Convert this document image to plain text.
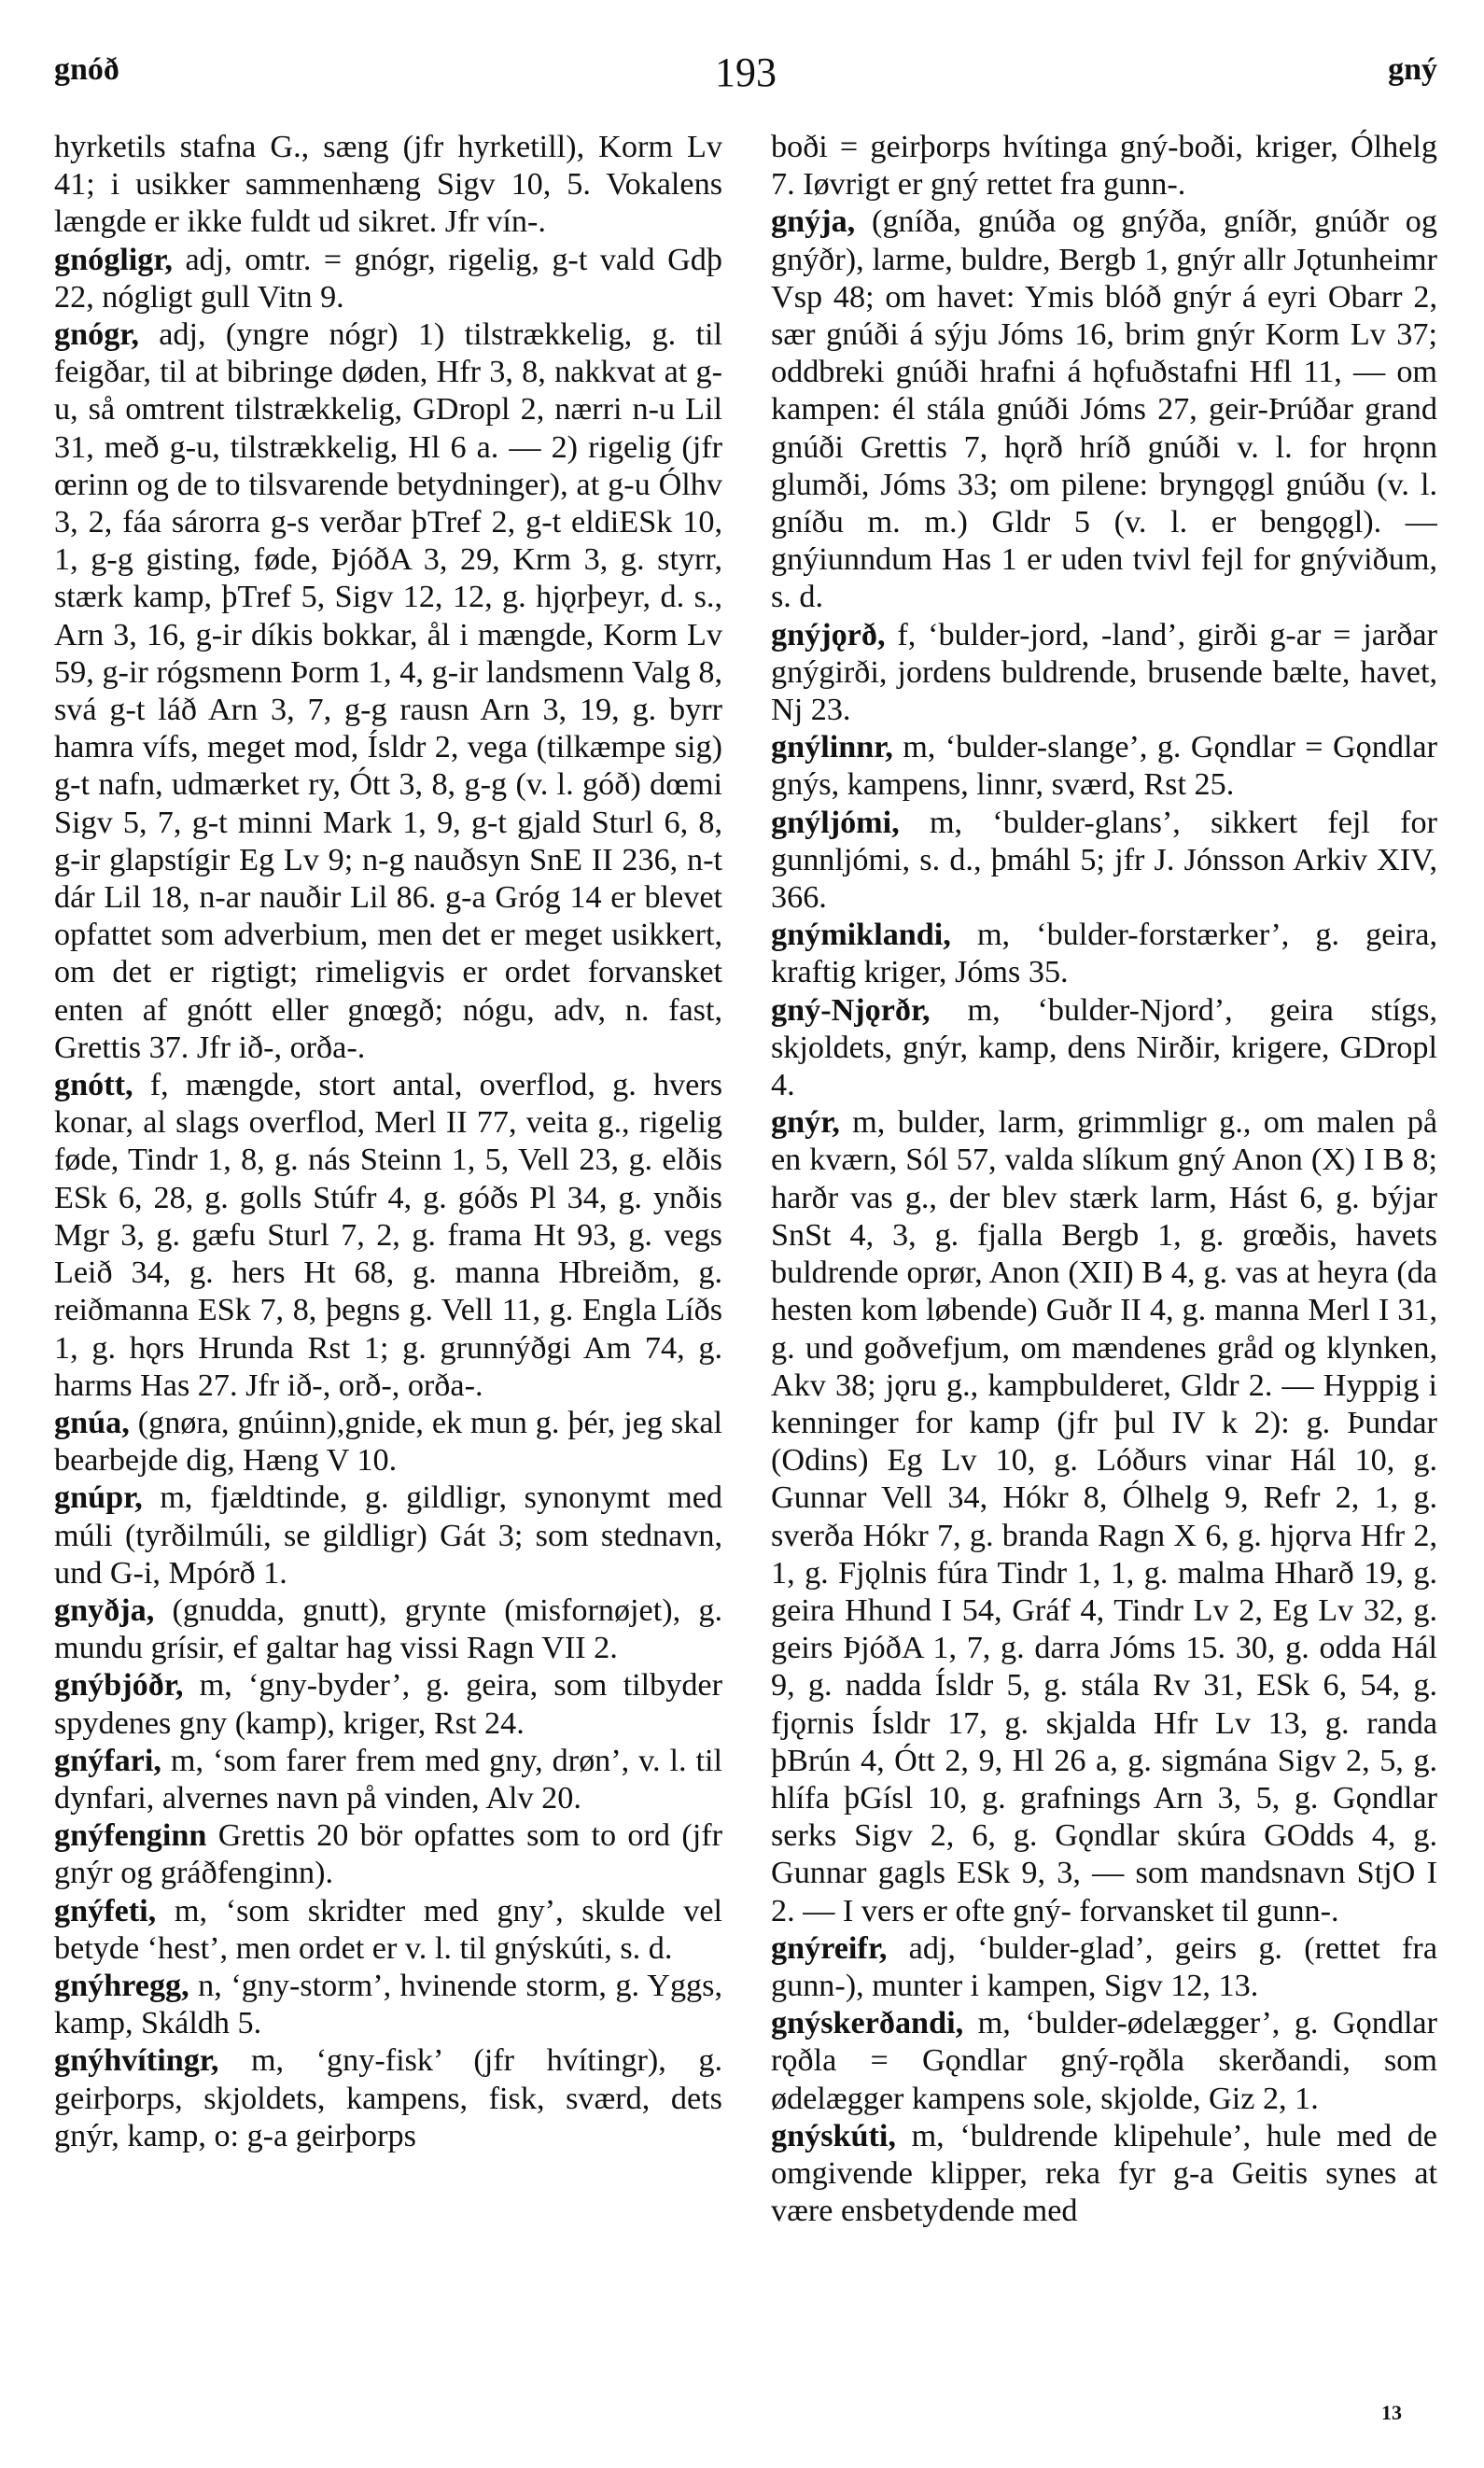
gnóð	193	gný

hyrketils stafna G., sæng (jfr hyrketill), Korm Lv 41; i usikker sammenhæng Sigv 10, 5. Vokalens længde er ikke fuldt ud sikret. Jfr vín-.

gnógligr, adj, omtr. = gnógr, rigelig, g-t vald Gdþ 22, nógligt gull Vitn 9.

gnógr, adj, (yngre nógr) 1) tilstrækkelig, g. til feigðar, til at bibringe døden, Hfr 3, 8, nakkvat at g-u, så omtrent tilstrækkelig, GDropl 2, nærri n-u Lil 31, með g-u, tilstrækkelig, Hl 6 a. — 2) rigelig (jfr œrinn og de to tilsvarende betydninger), at g-u Ólhv 3, 2, fáa sárorra g-s verðar þTref 2, g-t eldiESk 10, 1, g-g gisting, føde, ÞjóðA 3, 29, Krm 3, g. styrr, stærk kamp, þTref 5, Sigv 12, 12, g. hjǫrþeyr, d. s., Arn 3, 16, g-ir díkis bokkar, ål i mængde, Korm Lv 59, g-ir rógsmenn Þorm 1, 4, g-ir landsmenn Valg 8, svá g-t láð Arn 3, 7, g-g rausn Arn 3, 19, g. byrr hamra vífs, meget mod, Ísldr 2, vega (tilkæmpe sig) g-t nafn, udmærket ry, Ótt 3, 8, g-g (v. l. góð) dœmi Sigv 5, 7, g-t minni Mark 1, 9, g-t gjald Sturl 6, 8, g-ir glapstígir Eg Lv 9; n-g nauðsyn SnE II 236, n-t dár Lil 18, n-ar nauðir Lil 86. g-a Gróg 14 er blevet opfattet som adverbium, men det er meget usikkert, om det er rigtigt; rimeligvis er ordet forvansket enten af gnótt eller gnœgð; nógu, adv, n. fast, Grettis 37. Jfr ið-, orða-.

gnótt, f, mængde, stort antal, overflod, g. hvers konar, al slags overflod, Merl II 77, veita g., rigelig føde, Tindr 1, 8, g. nás Steinn 1, 5, Vell 23, g. elðis ESk 6, 28, g. golls Stúfr 4, g. góðs Pl 34, g. ynðis Mgr 3, g. gæfu Sturl 7, 2, g. frama Ht 93, g. vegs Leið 34, g. hers Ht 68, g. manna Hbreiðm, g. reiðmanna ESk 7, 8, þegns g. Vell 11, g. Engla Líðs 1, g. hǫrs Hrunda Rst 1; g. grunnýðgi Am 74, g. harms Has 27. Jfr ið-, orð-, orða-.

gnúa, (gnøra, gnúinn),gnide, ek mun g. þér, jeg skal bearbejde dig, Hæng V 10.

gnúpr, m, fjældtinde, g. gildligr, synonymt med múli (tyrðilmúli, se gildligr) Gát 3; som stednavn, und G-i, Mpórð 1.

gnyðja, (gnudda, gnutt), grynte (misfornøjet), g. mundu grísir, ef galtar hag vissi Ragn VII 2.

gnýbjóðr, m, ‘gny-byder’, g. geira, som tilbyder spydenes gny (kamp), kriger, Rst 24.

gnýfari, m, ‘som farer frem med gny, drøn’, v. l. til dynfari, alvernes navn på vinden, Alv 20.

gnýfenginn Grettis 20 bör opfattes som to ord (jfr gnýr og gráðfenginn).

gnýfeti, m, ‘som skridter med gny’, skulde vel betyde ‘hest’, men ordet er v. l. til gnýskúti, s. d.

gnýhregg, n, ‘gny-storm’, hvinende storm, g. Yggs, kamp, Skáldh 5.

gnýhvítingr, m, ‘gny-fisk’ (jfr hvítingr), g. geirþorps, skjoldets, kampens, fisk, sværd, dets gnýr, kamp, o: g-a geirþorps

boði = geirþorps hvítinga gný-boði, kriger, Ólhelg 7. Iøvrigt er gný rettet fra gunn-.

gnýja, (gníða, gnúða og gnýða, gníðr, gnúðr og gnýðr), larme, buldre, Bergb 1, gnýr allr Jǫtunheimr Vsp 48; om havet: Ymis blóð gnýr á eyri Obarr 2, sær gnúði á sýju Jóms 16, brim gnýr Korm Lv 37; oddbreki gnúði hrafni á hǫfuðstafni Hfl 11, — om kampen: él stála gnúði Jóms 27, geir-Þrúðar grand gnúði Grettis 7, hǫrð hríð gnúði v. l. for hrǫnn glumði, Jóms 33; om pilene: bryngǫgl gnúðu (v. l. gníðu m. m.) Gldr 5 (v. l. er bengǫgl). — gnýiunndum Has 1 er uden tvivl fejl for gnýviðum, s. d.

gnýjǫrð, f, ‘bulder-jord, -land’, girði g-ar = jarðar gnýgirði, jordens buldrende, brusende bælte, havet, Nj 23.

gnýlinnr, m, ‘bulder-slange’, g. Gǫndlar = Gǫndlar gnýs, kampens, linnr, sværd, Rst 25.

gnýljómi, m, ‘bulder-glans’, sikkert fejl for gunnljómi, s. d., þmáhl 5; jfr J. Jónsson Arkiv XIV, 366.

gnýmiklandi, m, ‘bulder-forstærker’, g. geira, kraftig kriger, Jóms 35.

gný-Njǫrðr, m, ‘bulder-Njord’, geira stígs, skjoldets, gnýr, kamp, dens Nirðir, krigere, GDropl 4.

gnýr, m, bulder, larm, grimmligr g., om malen på en kværn, Sól 57, valda slíkum gný Anon (X) I B 8; harðr vas g., der blev stærk larm, Hást 6, g. býjar SnSt 4, 3, g. fjalla Bergb 1, g. grœðis, havets buldrende oprør, Anon (XII) B 4, g. vas at heyra (da hesten kom løbende) Guðr II 4, g. manna Merl I 31, g. und goðvefjum, om mændenes gråd og klynken, Akv 38; jǫru g., kampbulderet, Gldr 2. — Hyppig i kenninger for kamp (jfr þul IV k 2): g. Þundar (Odins) Eg Lv 10, g. Lóðurs vinar Hál 10, g. Gunnar Vell 34, Hókr 8, Ólhelg 9, Refr 2, 1, g. sverða Hókr 7, g. branda Ragn X 6, g. hjǫrva Hfr 2, 1, g. Fjǫlnis fúra Tindr 1, 1, g. malma Hharð 19, g. geira Hhund I 54, Gráf 4, Tindr Lv 2, Eg Lv 32, g. geirs ÞjóðA 1, 7, g. darra Jóms 15. 30, g. odda Hál 9, g. nadda Ísldr 5, g. stála Rv 31, ESk 6, 54, g. fjǫrnis Ísldr 17, g. skjalda Hfr Lv 13, g. randa þBrún 4, Ótt 2, 9, Hl 26 a, g. sigmána Sigv 2, 5, g. hlífa þGísl 10, g. grafnings Arn 3, 5, g. Gǫndlar serks Sigv 2, 6, g. Gǫndlar skúra GOdds 4, g. Gunnar gagls ESk 9, 3, — som mandsnavn StjO I 2. — I vers er ofte gný- forvansket til gunn-.

gnýreifr, adj, ‘bulder-glad’, geirs g. (rettet fra gunn-), munter i kampen, Sigv 12, 13.

gnýskerðandi, m, ‘bulder-ødelægger’, g. Gǫndlar rǫðla = Gǫndlar gný-rǫðla skerðandi, som ødelægger kampens sole, skjolde, Giz 2, 1.

gnýskúti, m, ‘buldrende klipehule’, hule med de omgivende klipper, reka fyr g-a Geitis synes at være ensbetydende med

13
